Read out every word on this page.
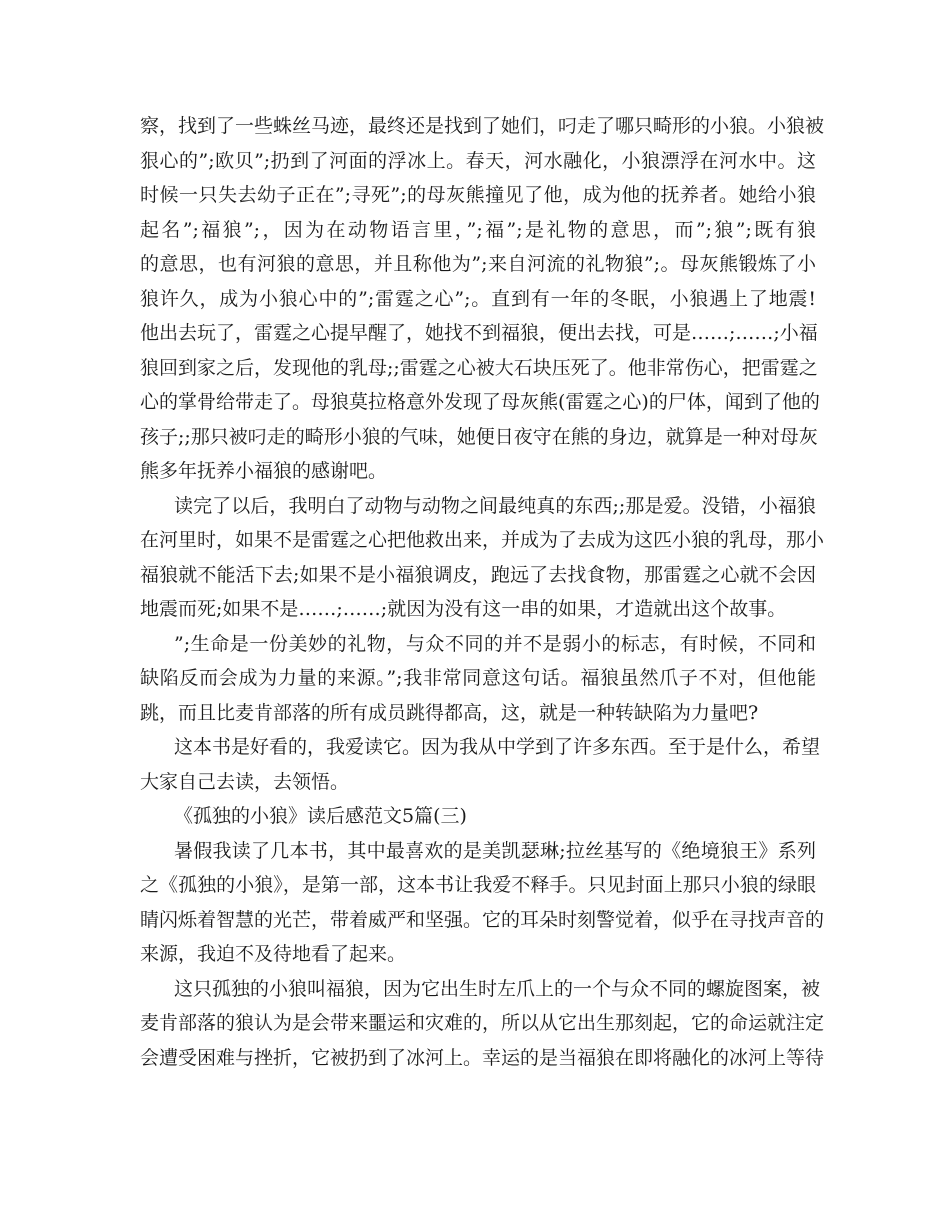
察，找到了一些蛛丝马迹，最终还是找到了她们，叼走了哪只畸形的小狼。小狼被
狠心的”;欧贝”;扔到了河面的浮冰上。春天，河水融化，小狼漂浮在河水中。这
时候一只失去幼子正在”;寻死”;的母灰熊撞见了他，成为他的抚养者。她给小狼
起名”;福狼”;，因为在动物语言里，”;福”;是礼物的意思，而”;狼”;既有狼
的意思，也有河狼的意思，并且称他为”;来自河流的礼物狼”;。母灰熊锻炼了小
狼许久，成为小狼心中的”;雷霆之心”;。直到有一年的冬眠，小狼遇上了地震!
他出去玩了，雷霆之心提早醒了，她找不到福狼，便出去找，可是……;……;小福
狼回到家之后，发现他的乳母;;雷霆之心被大石块压死了。他非常伤心，把雷霆之
心的掌骨给带走了。母狼莫拉格意外发现了母灰熊(雷霆之心)的尸体，闻到了他的
孩子;;那只被叼走的畸形小狼的气味，她便日夜守在熊的身边，就算是一种对母灰
熊多年抚养小福狼的感谢吧。
读完了以后，我明白了动物与动物之间最纯真的东西;;那是爱。没错，小福狼
在河里时，如果不是雷霆之心把他救出来，并成为了去成为这匹小狼的乳母，那小
福狼就不能活下去;如果不是小福狼调皮，跑远了去找食物，那雷霆之心就不会因
地震而死;如果不是……;……;就因为没有这一串的如果，才造就出这个故事。
”;生命是一份美妙的礼物，与众不同的并不是弱小的标志，有时候，不同和
缺陷反而会成为力量的来源。”;我非常同意这句话。福狼虽然爪子不对，但他能
跳，而且比麦肯部落的所有成员跳得都高，这，就是一种转缺陷为力量吧?
这本书是好看的，我爱读它。因为我从中学到了许多东西。至于是什么，希望
大家自己去读，去领悟。
《孤独的小狼》读后感范文5篇(三)
暑假我读了几本书，其中最喜欢的是美凯瑟琳;拉丝基写的《绝境狼王》系列
之《孤独的小狼》，是第一部，这本书让我爱不释手。只见封面上那只小狼的绿眼
睛闪烁着智慧的光芒，带着威严和坚强。它的耳朵时刻警觉着，似乎在寻找声音的
来源，我迫不及待地看了起来。
这只孤独的小狼叫福狼，因为它出生时左爪上的一个与众不同的螺旋图案，被
麦肯部落的狼认为是会带来噩运和灾难的，所以从它出生那刻起，它的命运就注定
会遭受困难与挫折，它被扔到了冰河上。幸运的是当福狼在即将融化的冰河上等待
